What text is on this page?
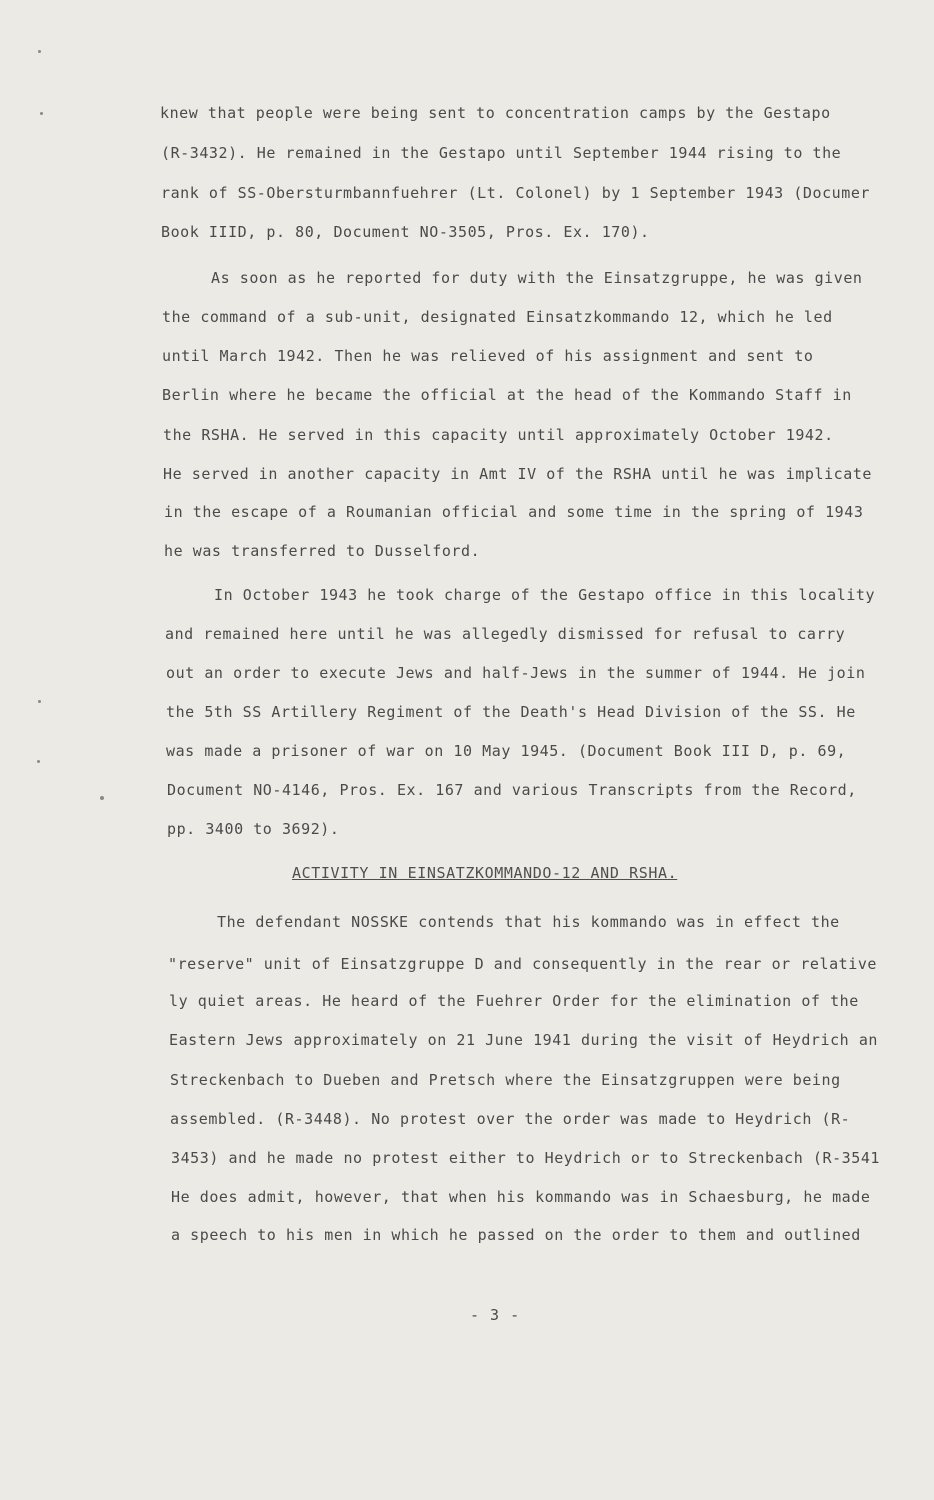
knew that people were being sent to concentration camps by the Gestapo
(R-3432). He remained in the Gestapo until September 1944 rising to the
rank of SS-Obersturmbannfuehrer (Lt. Colonel) by 1 September 1943 (Documer
Book IIID, p. 80, Document NO-3505, Pros. Ex. 170).
As soon as he reported for duty with the Einsatzgruppe, he was given
the command of a sub-unit, designated Einsatzkommando 12, which he led
until March 1942. Then he was relieved of his assignment and sent to
Berlin where he became the official at the head of the Kommando Staff in
the RSHA. He served in this capacity until approximately October 1942.
He served in another capacity in Amt IV of the RSHA until he was implicate
in the escape of a Roumanian official and some time in the spring of 1943
he was transferred to Dusselford.
In October 1943 he took charge of the Gestapo office in this locality
and remained here until he was allegedly dismissed for refusal to carry
out an order to execute Jews and half-Jews in the summer of 1944. He join
the 5th SS Artillery Regiment of the Death's Head Division of the SS. He
was made a prisoner of war on 10 May 1945. (Document Book III D, p. 69,
Document NO-4146, Pros. Ex. 167 and various Transcripts from the Record,
pp. 3400 to 3692).
ACTIVITY IN EINSATZKOMMANDO-12 AND RSHA.
The defendant NOSSKE contends that his kommando was in effect the
"reserve" unit of Einsatzgruppe D and consequently in the rear or relative
ly quiet areas. He heard of the Fuehrer Order for the elimination of the
Eastern Jews approximately on 21 June 1941 during the visit of Heydrich an
Streckenbach to Dueben and Pretsch where the Einsatzgruppen were being
assembled. (R-3448). No protest over the order was made to Heydrich (R-
3453) and he made no protest either to Heydrich or to Streckenbach (R-3541
He does admit, however, that when his kommando was in Schaesburg, he made
a speech to his men in which he passed on the order to them and outlined
- 3 -
